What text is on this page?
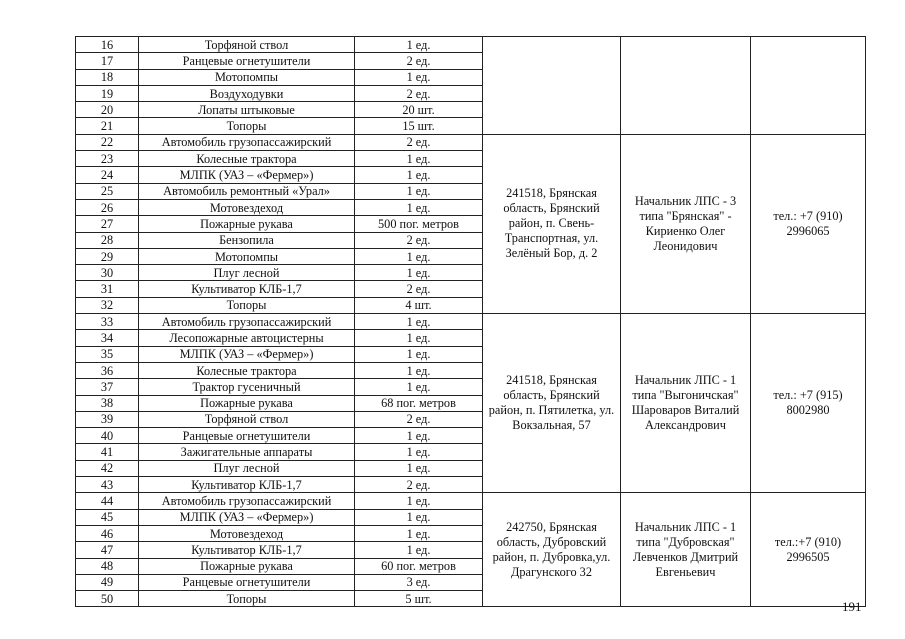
16	Торфяной ствол	1 ед.			
17	Ранцевые огнетушители	2 ед.			
18	Мотопомпы	1 ед.			
19	Воздуходувки	2 ед.			
20	Лопаты штыковые	20 шт.			
21	Топоры	15 шт.			
22	Автомобиль грузопассажирский	2 ед.	241518, Брянская область, Брянский район, п. Свень-Транспортная, ул. Зелёный Бор, д. 2	Начальник ЛПС - 3 типа "Брянская" - Кириенко Олег Леонидович	тел.: +7 (910) 2996065
23	Колесные трактора	1 ед.			
24	МЛПК (УАЗ – «Фермер»)	1 ед.			
25	Автомобиль ремонтный «Урал»	1 ед.			
26	Мотовездеход	1 ед.			
27	Пожарные рукава	500 пог. метров			
28	Бензопила	2 ед.			
29	Мотопомпы	1 ед.			
30	Плуг лесной	1 ед.			
31	Культиватор КЛБ-1,7	2 ед.			
32	Топоры	4 шт.			
33	Автомобиль грузопассажирский	1 ед.	241518, Брянская область, Брянский район, п. Пятилетка, ул. Вокзальная, 57	Начальник ЛПС - 1 типа "Выгоничская" Шароваров Виталий Александрович	тел.: +7 (915) 8002980
34	Лесопожарные автоцистерны	1 ед.			
35	МЛПК (УАЗ – «Фермер»)	1 ед.			
36	Колесные трактора	1 ед.			
37	Трактор гусеничный	1 ед.			
38	Пожарные рукава	68 пог. метров			
39	Торфяной ствол	2 ед.			
40	Ранцевые огнетушители	1 ед.			
41	Зажигательные аппараты	1 ед.			
42	Плуг лесной	1 ед.			
43	Культиватор КЛБ-1,7	2 ед.			
44	Автомобиль грузопассажирский	1 ед.	242750, Брянская область, Дубровский район, п. Дубровка,ул. Драгунского 32	Начальник ЛПС - 1 типа "Дубровская" Левченков Дмитрий Евгеньевич	тел.:+7 (910) 2996505
45	МЛПК (УАЗ – «Фермер»)	1 ед.			
46	Мотовездеход	1 ед.			
47	Культиватор КЛБ-1,7	1 ед.			
48	Пожарные рукава	60 пог. метров			
49	Ранцевые огнетушители	3 ед.			
50	Топоры	5 шт.			
191
